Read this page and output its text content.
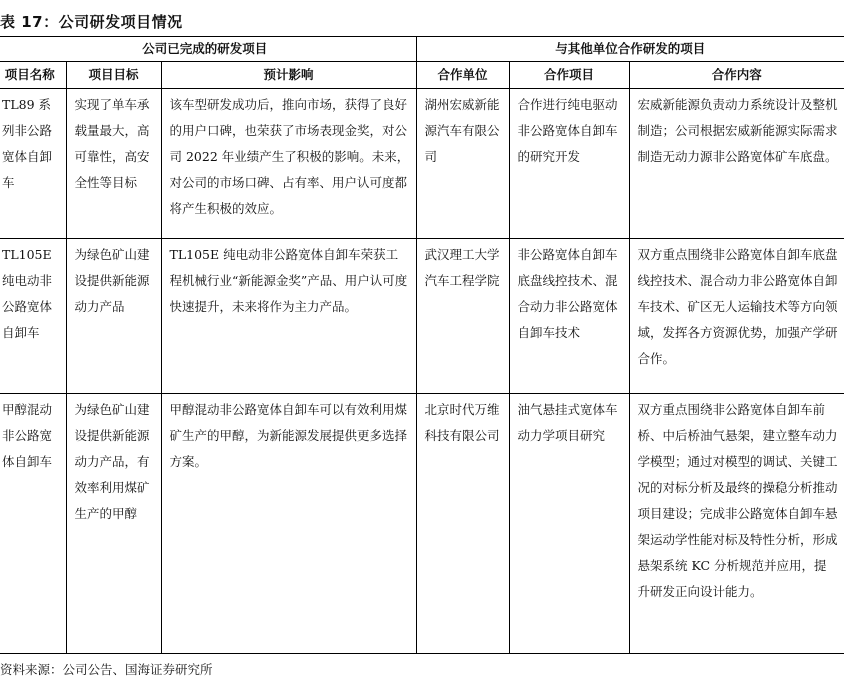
表 17：公司研发项目情况
公司已完成的研发项目			与其他单位合作研发的项目		
项目名称	项目目标	预计影响	合作单位	合作项目	合作内容
TL89 系列非公路宽体自卸车	实现了单车承载量最大，高可靠性，高安全性等目标	该车型研发成功后，推向市场，获得了良好的用户口碑，也荣获了市场表现金奖，对公司 2022 年业绩产生了积极的影响。未来，对公司的市场口碑、占有率、用户认可度都将产生积极的效应。	湖州宏威新能源汽车有限公司	合作进行纯电驱动非公路宽体自卸车的研究开发	宏威新能源负责动力系统设计及整机制造；公司根据宏威新能源实际需求制造无动力源非公路宽体矿车底盘。
TL105E 纯电动非公路宽体自卸车	为绿色矿山建设提供新能源动力产品	TL105E 纯电动非公路宽体自卸车荣获工程机械行业“新能源金奖”产品、用户认可度快速提升，未来将作为主力产品。	武汉理工大学汽车工程学院	非公路宽体自卸车底盘线控技术、混合动力非公路宽体自卸车技术	双方重点围绕非公路宽体自卸车底盘线控技术、混合动力非公路宽体自卸车技术、矿区无人运输技术等方向领域，发挥各方资源优势，加强产学研合作。
甲醇混动非公路宽体自卸车	为绿色矿山建设提供新能源动力产品，有效率利用煤矿生产的甲醇	甲醇混动非公路宽体自卸车可以有效利用煤矿生产的甲醇，为新能源发展提供更多选择方案。	北京时代万维科技有限公司	油气悬挂式宽体车动力学项目研究	双方重点围绕非公路宽体自卸车前桥、中后桥油气悬架，建立整车动力学模型；通过对模型的调试、关键工况的对标分析及最终的操稳分析推动项目建设；完成非公路宽体自卸车悬架运动学性能对标及特性分析，形成悬架系统 KC 分析规范并应用，提升研发正向设计能力。
资料来源：公司公告、国海证券研究所
